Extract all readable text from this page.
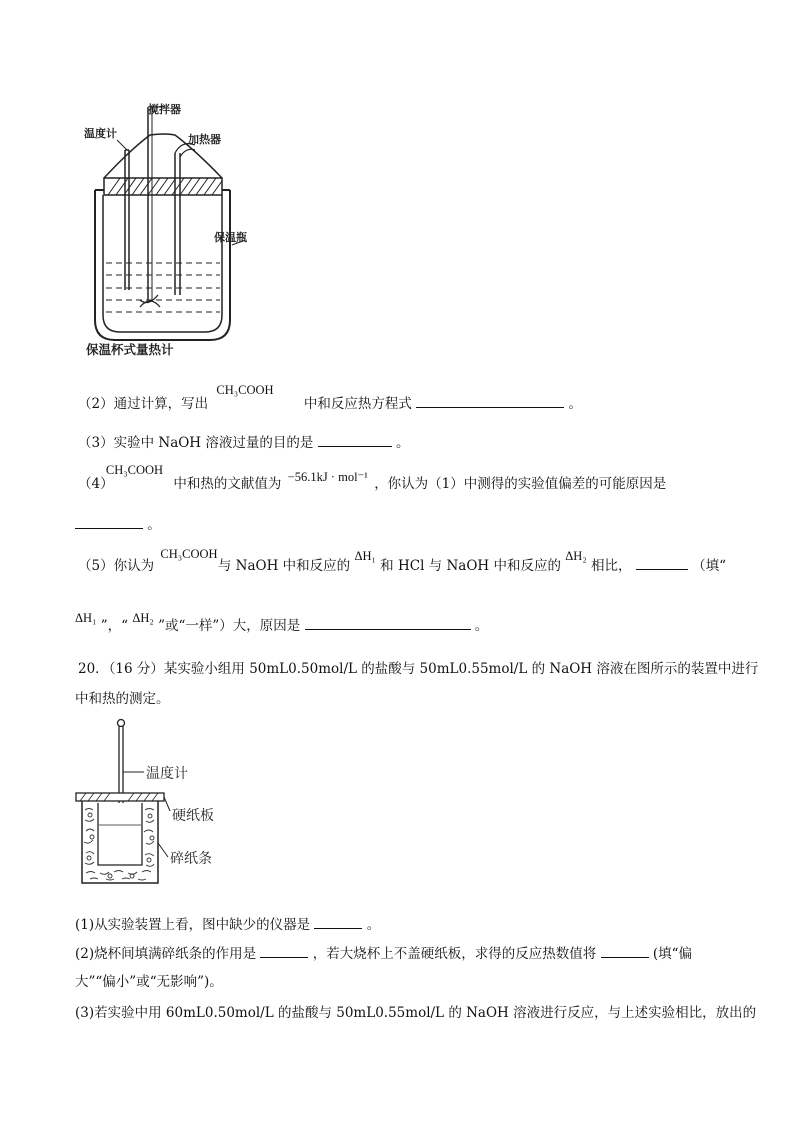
搅拌器
温度计	加热器
保温瓶
保温杯式量热计
（2）通过计算，写出 CH₃COOH 中和反应热方程式	。
（3）实验中 NaOH 溶液过量的目的是	。
（4） CH₃COOH 中和热的文献值为 −56.1kJ · mol⁻¹ ，你认为（1）中测得的实验值偏差的可能原因是
。
（5）你认为 CH₃COOH 与 NaOH 中和反应的 ΔH₁ 和 HCl 与 NaOH 中和反应的 ΔH₂ 相比，	（填“
ΔH₁ ”，“ ΔH₂ ”或“一样”）大，原因是	。
20．（16 分）某实验小组用 50mL0.50mol/L 的盐酸与 50mL0.55mol/L 的 NaOH 溶液在图所示的装置中进行
中和热的测定。
温度计
硬纸板
碎纸条
(1)从实验装置上看，图中缺少的仪器是	。
(2)烧杯间填满碎纸条的作用是	，若大烧杯上不盖硬纸板，求得的反应热数值将	(填“偏
大”“偏小”或“无影响”)。
(3)若实验中用 60mL0.50mol/L 的盐酸与 50mL0.55mol/L 的 NaOH 溶液进行反应，与上述实验相比，放出的
